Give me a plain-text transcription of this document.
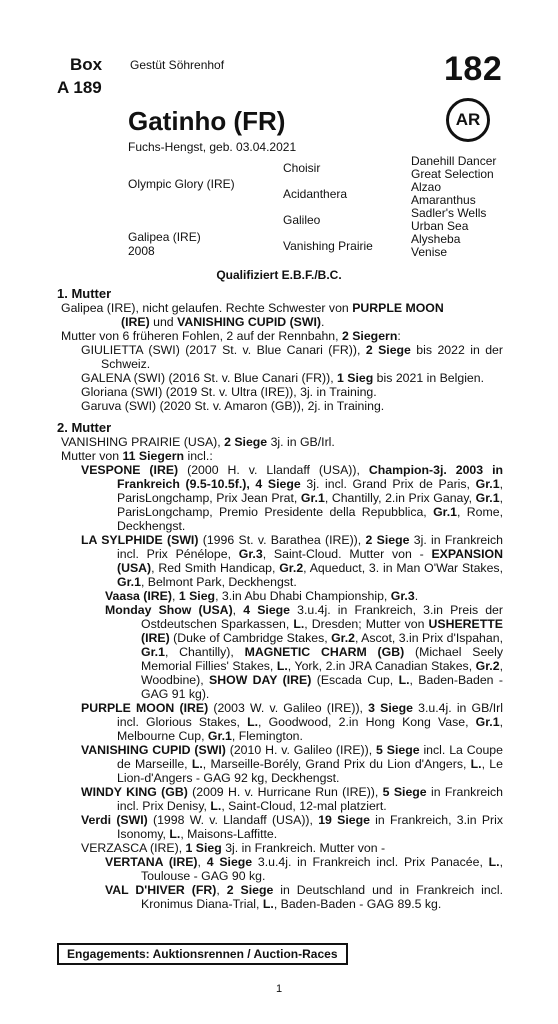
Box
A 189
Gestüt Söhrenhof	182
AR
Gatinho (FR)
Fuchs-Hengst, geb. 03.04.2021
Olympic Glory (IRE)
Galipea (IRE)
2008
Choisir
Acidanthera
Galileo
Vanishing Prairie
Danehill Dancer
Great Selection
Alzao
Amaranthus
Sadler's Wells
Urban Sea
Alysheba
Venise
Qualifiziert E.B.F./B.C.
1. Mutter
Galipea (IRE), nicht gelaufen. Rechte Schwester von PURPLE MOON
(IRE) und VANISHING CUPID (SWI).
Mutter von 6 früheren Fohlen, 2 auf der Rennbahn, 2 Siegern:
GIULIETTA (SWI) (2017 St. v. Blue Canari (FR)), 2 Siege bis 2022 in der Schweiz.
GALENA (SWI) (2016 St. v. Blue Canari (FR)), 1 Sieg bis 2021 in Belgien.
Gloriana (SWI) (2019 St. v. Ultra (IRE)), 3j. in Training.
Garuva (SWI) (2020 St. v. Amaron (GB)), 2j. in Training.
2. Mutter
VANISHING PRAIRIE (USA), 2 Siege 3j. in GB/Irl.
Mutter von 11 Siegern incl.:
VESPONE (IRE) (2000 H. v. Llandaff (USA)), Champion-3j. 2003 in Frankreich (9.5-10.5f.), 4 Siege 3j. incl. Grand Prix de Paris, Gr.1, ParisLongchamp, Prix Jean Prat, Gr.1, Chantilly, 2.in Prix Ganay, Gr.1, ParisLongchamp, Premio Presidente della Repubblica, Gr.1, Rome, Deckhengst.
LA SYLPHIDE (SWI) (1996 St. v. Barathea (IRE)), 2 Siege 3j. in Frankreich incl. Prix Pénélope, Gr.3, Saint-Cloud. Mutter von - EXPANSION (USA), Red Smith Handicap, Gr.2, Aqueduct, 3. in Man O'War Stakes, Gr.1, Belmont Park, Deckhengst.
Vaasa (IRE), 1 Sieg, 3.in Abu Dhabi Championship, Gr.3.
Monday Show (USA), 4 Siege 3.u.4j. in Frankreich, 3.in Preis der Ostdeutschen Sparkassen, L., Dresden; Mutter von USHERETTE (IRE) (Duke of Cambridge Stakes, Gr.2, Ascot, 3.in Prix d'Ispahan, Gr.1, Chantilly), MAGNETIC CHARM (GB) (Michael Seely Memorial Fillies' Stakes, L., York, 2.in JRA Canadian Stakes, Gr.2, Woodbine), SHOW DAY (IRE) (Escada Cup, L., Baden-Baden - GAG 91 kg).
PURPLE MOON (IRE) (2003 W. v. Galileo (IRE)), 3 Siege 3.u.4j. in GB/Irl incl. Glorious Stakes, L., Goodwood, 2.in Hong Kong Vase, Gr.1, Melbourne Cup, Gr.1, Flemington.
VANISHING CUPID (SWI) (2010 H. v. Galileo (IRE)), 5 Siege incl. La Coupe de Marseille, L., Marseille-Borély, Grand Prix du Lion d'Angers, L., Le Lion-d'Angers - GAG 92 kg, Deckhengst.
WINDY KING (GB) (2009 H. v. Hurricane Run (IRE)), 5 Siege in Frankreich incl. Prix Denisy, L., Saint-Cloud, 12-mal platziert.
Verdi (SWI) (1998 W. v. Llandaff (USA)), 19 Siege in Frankreich, 3.in Prix Isonomy, L., Maisons-Laffitte.
VERZASCA (IRE), 1 Sieg 3j. in Frankreich. Mutter von -
VERTANA (IRE), 4 Siege 3.u.4j. in Frankreich incl. Prix Panacée, L., Toulouse - GAG 90 kg.
VAL D'HIVER (FR), 2 Siege in Deutschland und in Frankreich incl. Kronimus Diana-Trial, L., Baden-Baden - GAG 89.5 kg.
Engagements: Auktionsrennen / Auction-Races
1
